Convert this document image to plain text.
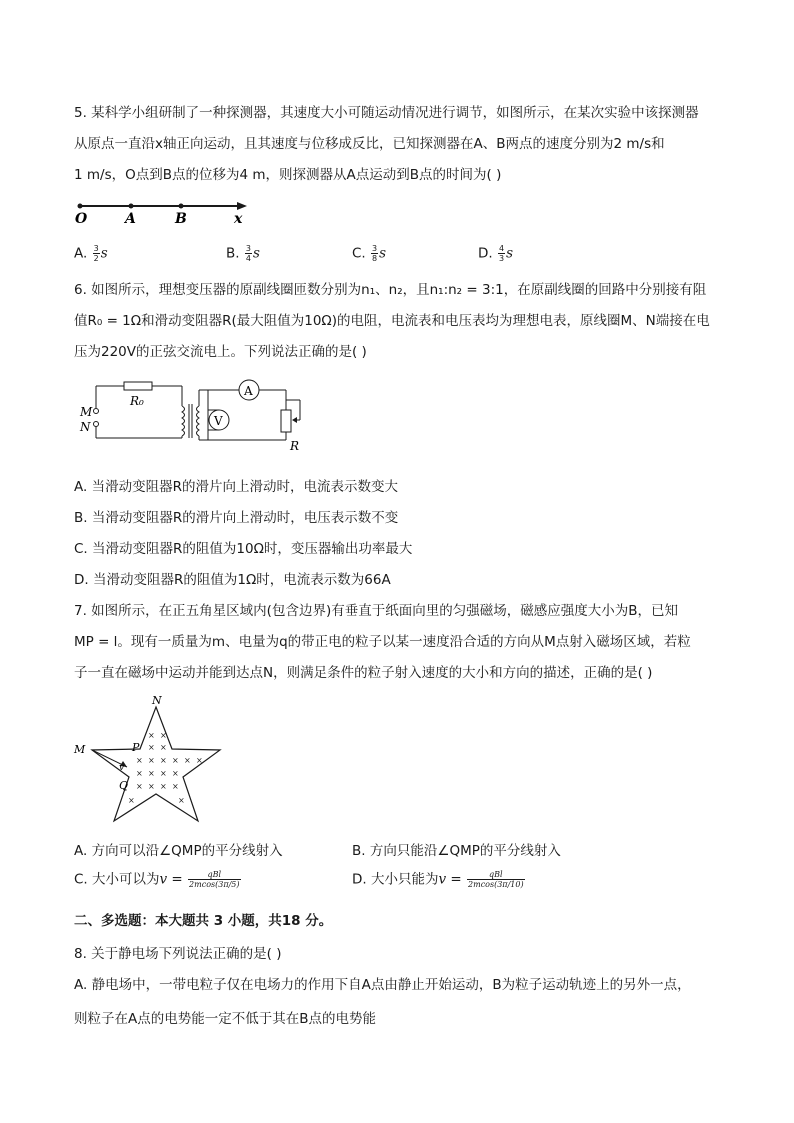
5. 某科学小组研制了一种探测器，其速度大小可随运动情况进行调节，如图所示，在某次实验中该探测器
从原点一直沿x轴正向运动，且其速度与位移成反比，已知探测器在A、B两点的速度分别为2 m/s和
1 m/s，O点到B点的位移为4 m，则探测器从A点运动到B点的时间为( )
O	A	B	x
A. $\frac{3}{2}$ s	B. $\frac{3}{4}$ s	C. $\frac{3}{8}$ s	D. $\frac{4}{3}$ s
6. 如图所示，理想变压器的原副线圈匝数分别为n₁、n₂，且n₁:n₂ = 3:1，在原副线圈的回路中分别接有阻
值R₀ = 1Ω和滑动变阻器R(最大阻值为10Ω)的电阻，电流表和电压表均为理想电表，原线圈M、N端接在电
压为220V的正弦交流电上。下列说法正确的是( )
M
N
R₀
A
V
R
A. 当滑动变阻器R的滑片向上滑动时，电流表示数变大
B. 当滑动变阻器R的滑片向上滑动时，电压表示数不变
C. 当滑动变阻器R的阻值为10Ω时，变压器输出功率最大
D. 当滑动变阻器R的阻值为1Ω时，电流表示数为66A
7. 如图所示，在正五角星区域内(包含边界)有垂直于纸面向里的匀强磁场，磁感应强度大小为B，已知
MP = l。现有一质量为m、电量为q的带正电的粒子以某一速度沿合适的方向从M点射入磁场区域，若粒
子一直在磁场中运动并能到达点N，则满足条件的粒子射入速度的大小和方向的描述，正确的是( )
N
M	P
Q
v
× ×
× ×
× × × × × ×
× × × ×
× × × ×
×	×
A. 方向可以沿∠QMP的平分线射入	B. 方向只能沿∠QMP的平分线射入
C. 大小可以为$v = \frac{\text{qBl}}{2mcos(3\pi/5)}$	D. 大小只能为$v = \frac{\text{qBl}}{2mcos(3\pi/10)}$
二、多选题：本大题共 3 小题，共18 分。
8. 关于静电场下列说法正确的是( )
A. 静电场中，一带电粒子仅在电场力的作用下自A点由静止开始运动，B为粒子运动轨迹上的另外一点，
则粒子在A点的电势能一定不低于其在B点的电势能
